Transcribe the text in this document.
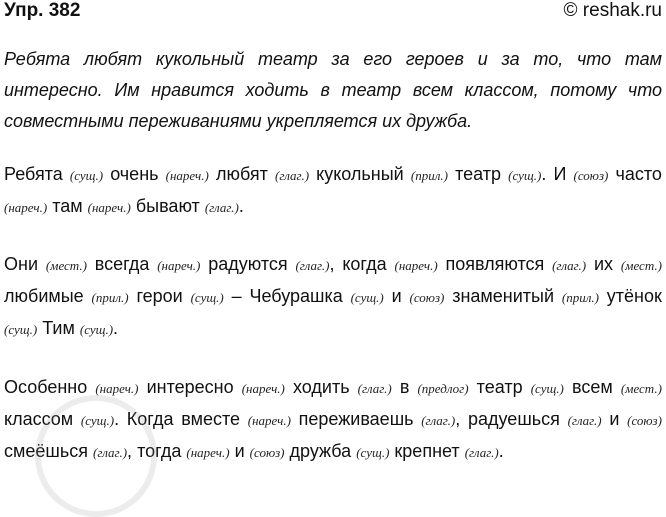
Упр. 382	© reshak.ru
Ребята любят кукольный театр за его героев и за то, что там интересно. Им нравится ходить в театр всем классом, потому что совместными переживаниями укрепляется их дружба.
Ребята (сущ.) очень (нареч.) любят (глаг.) кукольный (прил.) театр (сущ.). И (союз) часто (нареч.) там (нареч.) бывают (глаг.).
Они (мест.) всегда (нареч.) радуются (глаг.), когда (нареч.) появляются (глаг.) их (мест.) любимые (прил.) герои (сущ.) – Чебурашка (сущ.) и (союз) знаменитый (прил.) утёнок (сущ.) Тим (сущ.).
Особенно (нареч.) интересно (нареч.) ходить (глаг.) в (предлог) театр (сущ.) всем (мест.) классом (сущ.). Когда вместе (нареч.) переживаешь (глаг.), радуешься (глаг.) и (союз) смеёшься (глаг.), тогда (нареч.) и (союз) дружба (сущ.) крепнет (глаг.).
